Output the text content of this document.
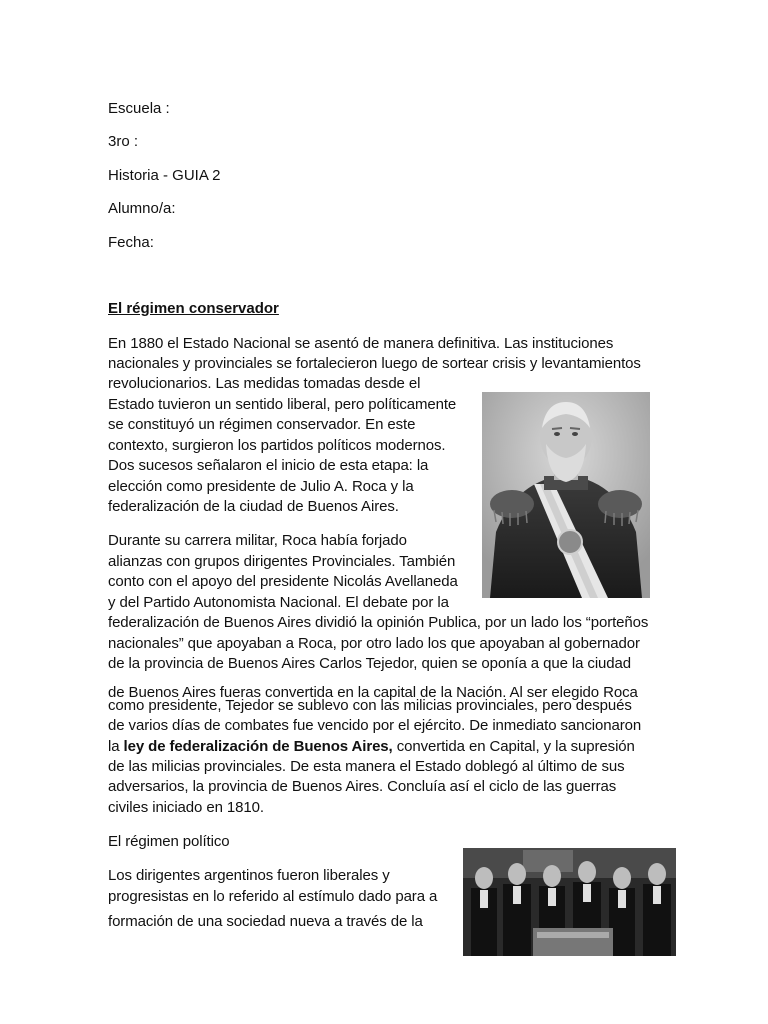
Escuela :
3ro :
Historia - GUIA 2
Alumno/a:
Fecha:
El régimen conservador
En 1880 el Estado Nacional se asentó de manera definitiva. Las instituciones
nacionales y provinciales se fortalecieron luego de sortear crisis y levantamientos
revolucionarios. Las medidas tomadas desde el
Estado tuvieron un sentido liberal, pero políticamente
se constituyó un régimen conservador. En este
contexto, surgieron los partidos políticos modernos.
Dos sucesos señalaron el inicio de esta etapa: la
elección como presidente de Julio A. Roca y la
federalización de la ciudad de Buenos Aires.
Durante su carrera militar, Roca había forjado
alianzas con grupos dirigentes Provinciales. También
conto con el apoyo del presidente Nicolás Avellaneda
y del Partido Autonomista Nacional. El debate por la
federalización de Buenos Aires dividió la opinión Publica, por un lado los “porteños
nacionales” que apoyaban a Roca, por otro lado los que apoyaban al gobernador
de la provincia de Buenos Aires Carlos Tejedor, quien se oponía a que la ciudad
de Buenos Aires fueras convertida en la capital de la Nación. Al ser elegido Roca
como presidente, Tejedor se sublevo con las milicias provinciales, pero después
de varios días de combates fue vencido por el ejército. De inmediato sancionaron
la ley de federalización de Buenos Aires, convertida en Capital, y la supresión
de las milicias provinciales. De esta manera el Estado doblegó al último de sus
adversarios, la provincia de Buenos Aires. Concluía así el ciclo de las guerras
civiles iniciado en 1810.
El régimen político
Los dirigentes argentinos fueron liberales y
progresistas en lo referido al estímulo dado para a
formación de una sociedad nueva a través de la
